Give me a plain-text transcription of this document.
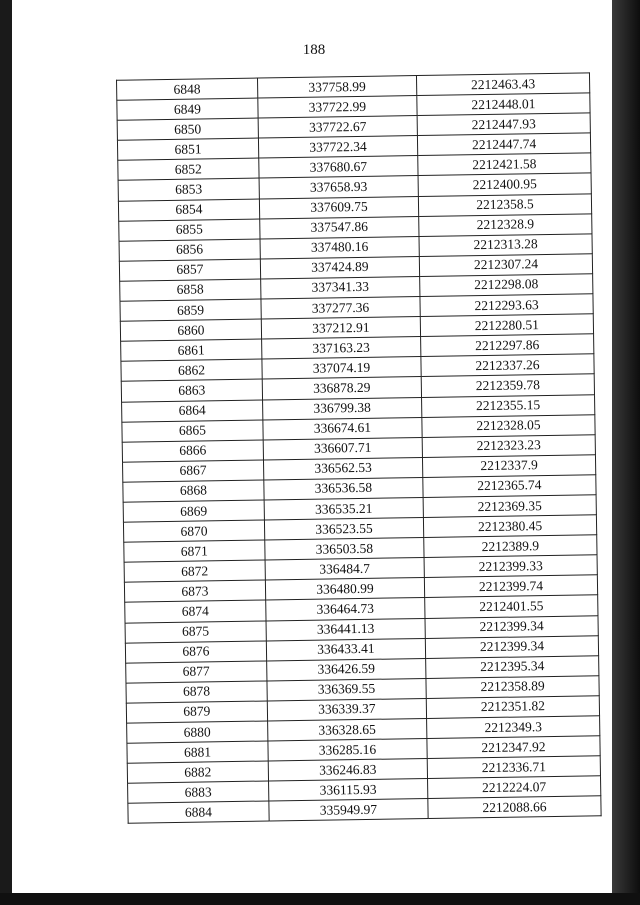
188
6848	337758.99	2212463.43
6849	337722.99	2212448.01
6850	337722.67	2212447.93
6851	337722.34	2212447.74
6852	337680.67	2212421.58
6853	337658.93	2212400.95
6854	337609.75	2212358.5
6855	337547.86	2212328.9
6856	337480.16	2212313.28
6857	337424.89	2212307.24
6858	337341.33	2212298.08
6859	337277.36	2212293.63
6860	337212.91	2212280.51
6861	337163.23	2212297.86
6862	337074.19	2212337.26
6863	336878.29	2212359.78
6864	336799.38	2212355.15
6865	336674.61	2212328.05
6866	336607.71	2212323.23
6867	336562.53	2212337.9
6868	336536.58	2212365.74
6869	336535.21	2212369.35
6870	336523.55	2212380.45
6871	336503.58	2212389.9
6872	336484.7	2212399.33
6873	336480.99	2212399.74
6874	336464.73	2212401.55
6875	336441.13	2212399.34
6876	336433.41	2212399.34
6877	336426.59	2212395.34
6878	336369.55	2212358.89
6879	336339.37	2212351.82
6880	336328.65	2212349.3
6881	336285.16	2212347.92
6882	336246.83	2212336.71
6883	336115.93	2212224.07
6884	335949.97	2212088.66
